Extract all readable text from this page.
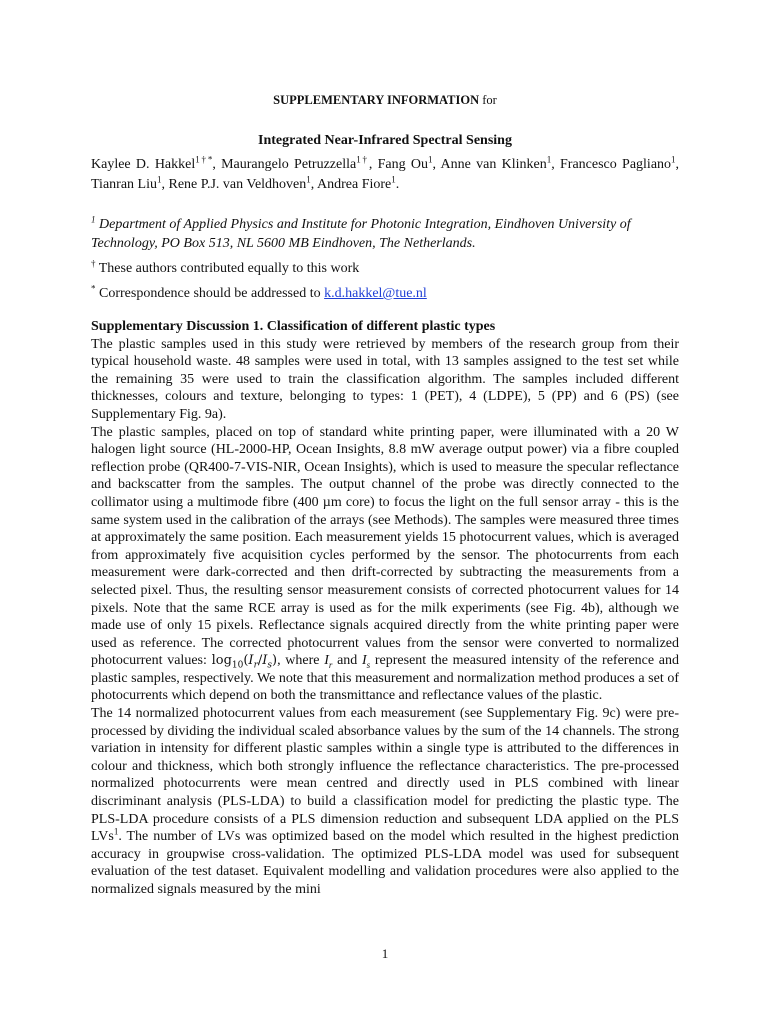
SUPPLEMENTARY INFORMATION for
Integrated Near-Infrared Spectral Sensing
Kaylee D. Hakkel$^{1\dagger*}$, Maurangelo Petruzzella$^{1\dagger}$, Fang Ou$^1$, Anne van Klinken$^1$, Francesco Pagliano$^1$, Tianran Liu$^1$, Rene P.J. van Veldhoven$^1$, Andrea Fiore$^1$.
$^1$ Department of Applied Physics and Institute for Photonic Integration, Eindhoven University of Technology, PO Box 513, NL 5600 MB Eindhoven, The Netherlands.
† These authors contributed equally to this work
* Correspondence should be addressed to k.d.hakkel@tue.nl

Supplementary Discussion 1. Classification of different plastic types

The plastic samples used in this study were retrieved by members of the research group from their typical household waste. 48 samples were used in total, with 13 samples assigned to the test set while the remaining 35 were used to train the classification algorithm. The samples included different thicknesses, colours and texture, belonging to types: 1 (PET), 4 (LDPE), 5 (PP) and 6 (PS) (see Supplementary Fig. 9a).

The plastic samples, placed on top of standard white printing paper, were illuminated with a 20 W halogen light source (HL-2000-HP, Ocean Insights, 8.8 mW average output power) via a fibre coupled reflection probe (QR400-7-VIS-NIR, Ocean Insights), which is used to measure the specular reflectance and backscatter from the samples. The output channel of the probe was directly connected to the collimator using a multimode fibre (400 µm core) to focus the light on the full sensor array - this is the same system used in the calibration of the arrays (see Methods). The samples were measured three times at approximately the same position. Each measurement yields 15 photocurrent values, which is averaged from approximately five acquisition cycles performed by the sensor. The photocurrents from each measurement were dark-corrected and then drift-corrected by subtracting the measurements from a selected pixel. Thus, the resulting sensor measurement consists of corrected photocurrent values for 14 pixels. Note that the same RCE array is used as for the milk experiments (see Fig. 4b), although we made use of only 15 pixels. Reflectance signals acquired directly from the white printing paper were used as reference. The corrected photocurrent values from the sensor were converted to normalized photocurrent values: $\log_{10}(I_r/I_s)$, where $I_r$ and $I_s$ represent the measured intensity of the reference and plastic samples, respectively. We note that this measurement and normalization method produces a set of photocurrents which depend on both the transmittance and reflectance values of the plastic.

The 14 normalized photocurrent values from each measurement (see Supplementary Fig. 9c) were pre-processed by dividing the individual scaled absorbance values by the sum of the 14 channels. The strong variation in intensity for different plastic samples within a single type is attributed to the differences in colour and thickness, which both strongly influence the reflectance characteristics. The pre-processed normalized photocurrents were mean centred and directly used in PLS combined with linear discriminant analysis (PLS-LDA) to build a classification model for predicting the plastic type. The PLS-LDA procedure consists of a PLS dimension reduction and subsequent LDA applied on the PLS LVs$^1$. The number of LVs was optimized based on the model which resulted in the highest prediction accuracy in groupwise cross-validation. The optimized PLS-LDA model was used for subsequent evaluation of the test dataset. Equivalent modelling and validation procedures were also applied to the normalized signals measured by the mini

1
